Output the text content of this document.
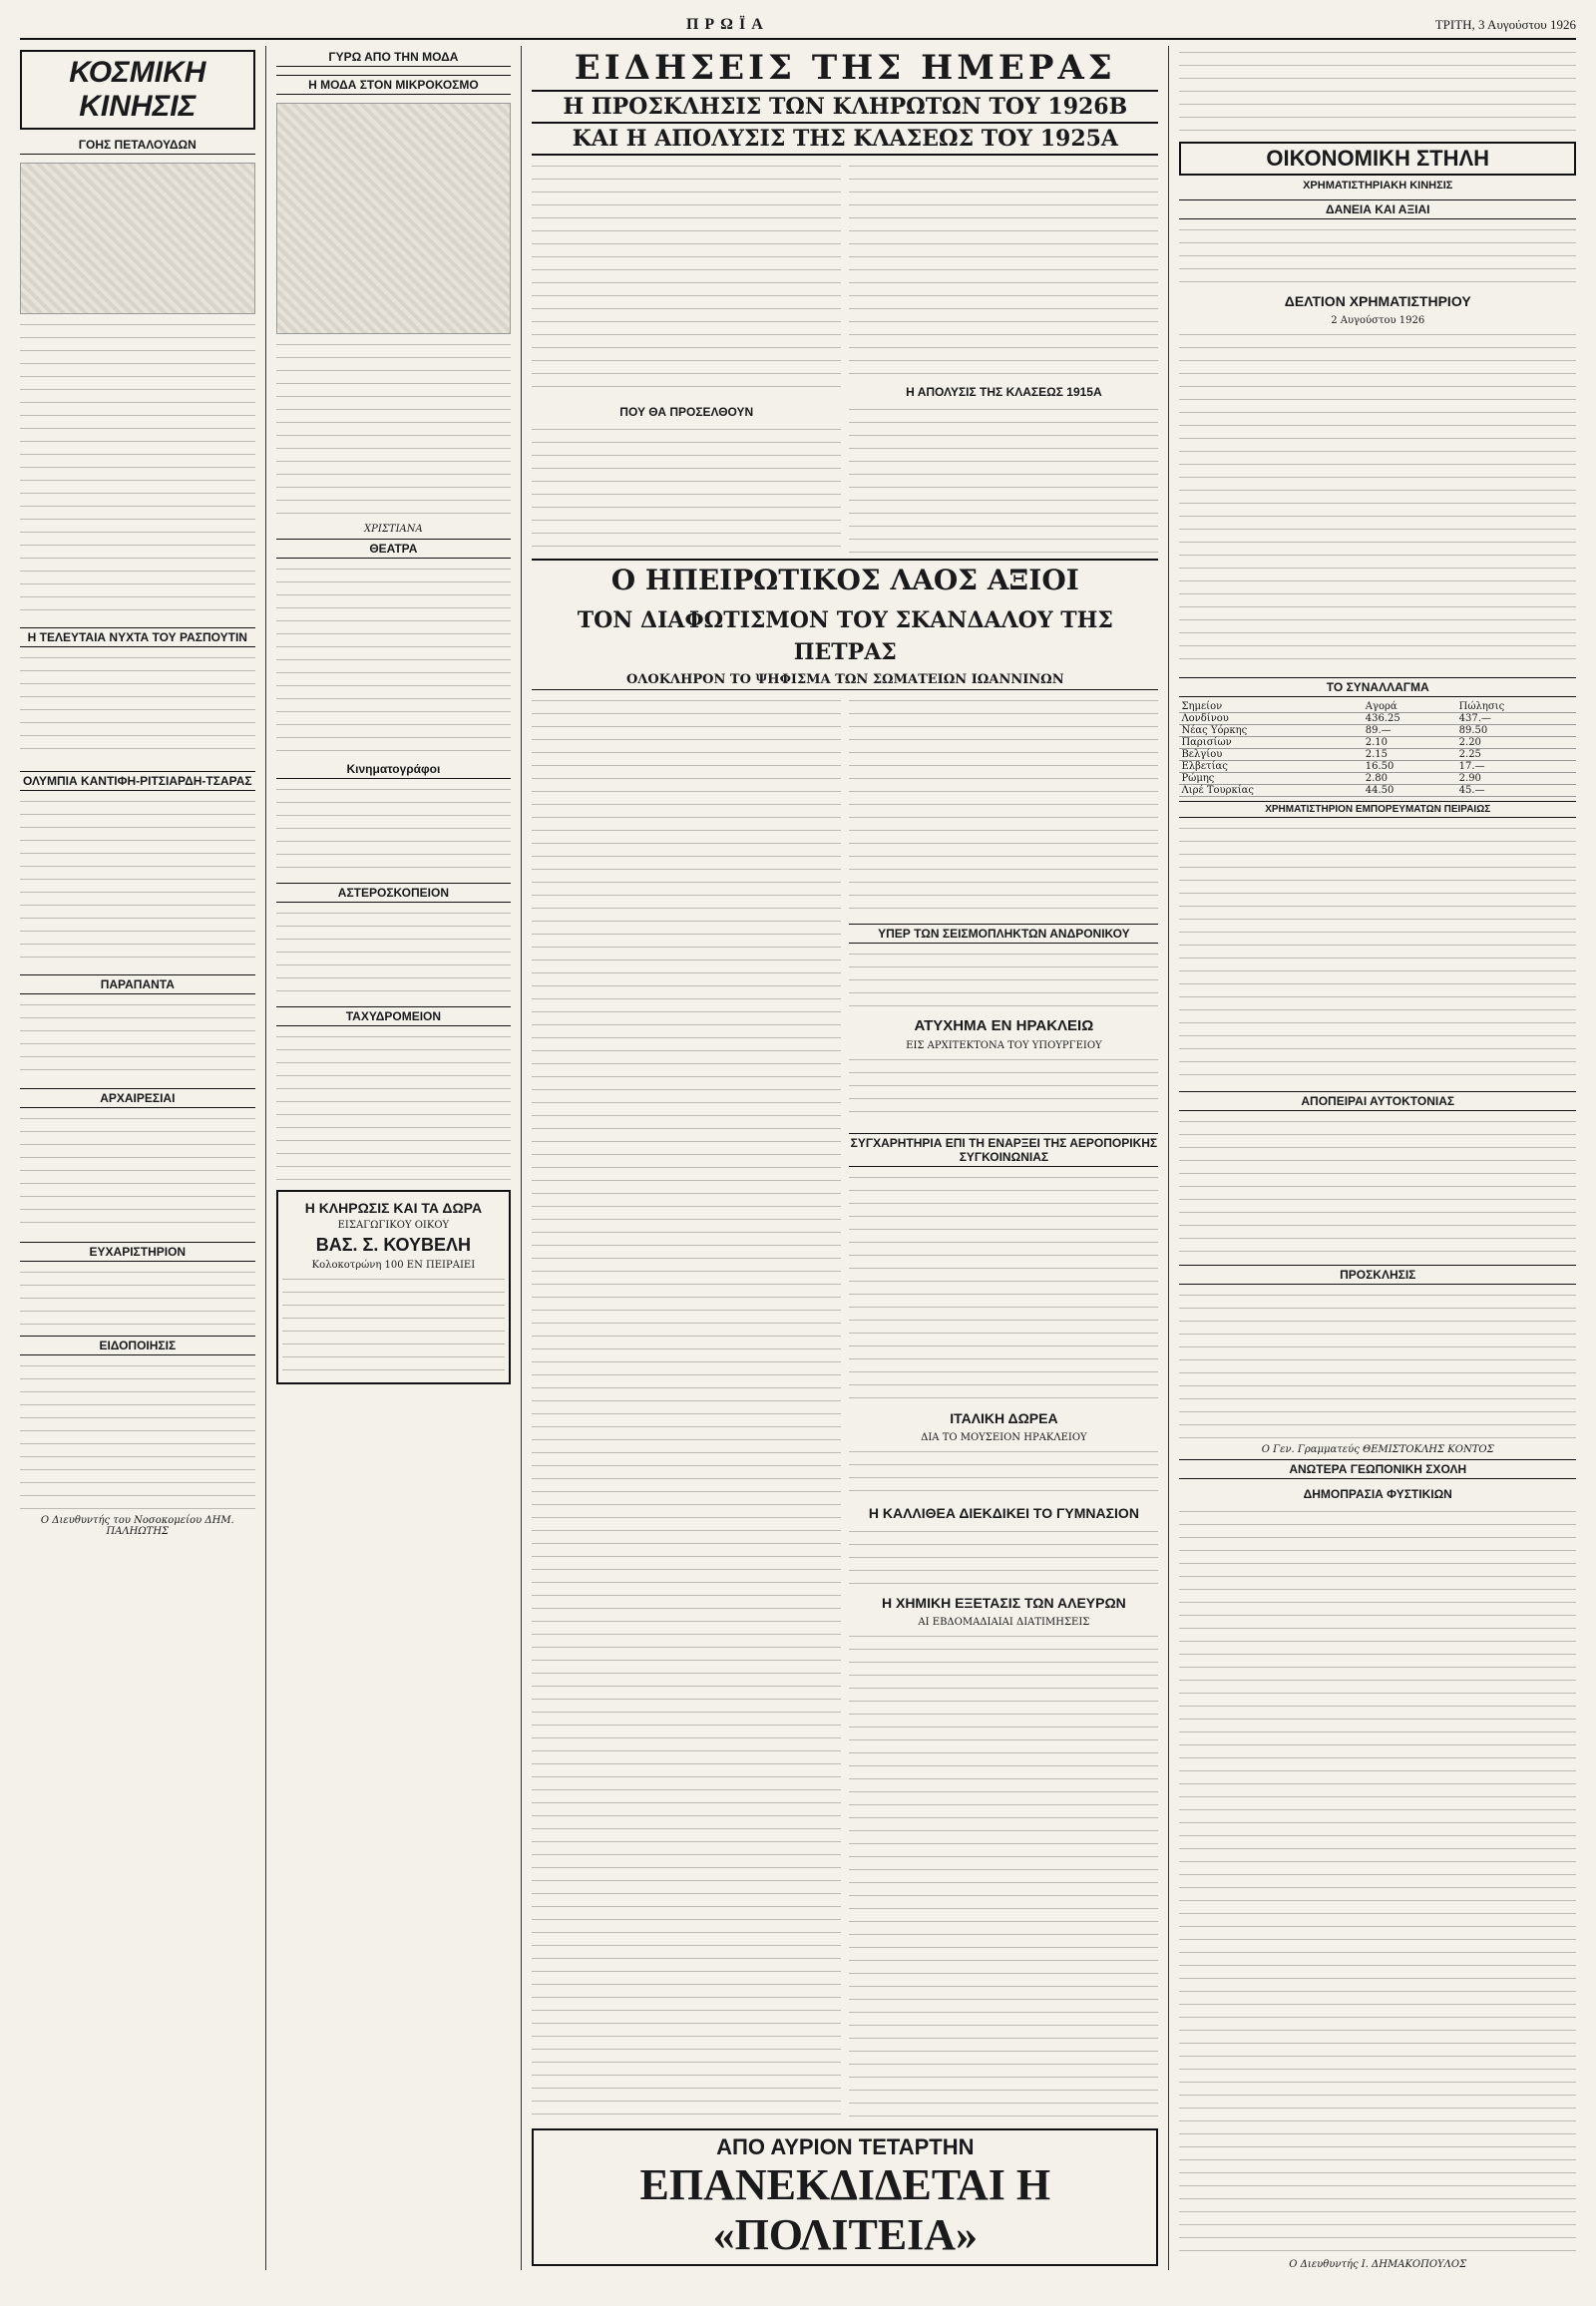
ΠΡΩΪΑ	ΤΡΙΤΗ, 3 Αυγούστου 1926
ΚΟΣΜΙΚΗ ΚΙΝΗΣΙΣ
ΓΟΗΣ ΠΕΤΑΛΟΥΔΩΝ
Η ΤΕΛΕΥΤΑΙΑ ΝΥΧΤΑ ΤΟΥ ΡΑΣΠΟΥΤΙΝ
ΟΛΥΜΠΙΑ ΚΑΝΤΙΦΗ-ΡΙΤΣΙΑΡΔΗ-ΤΣΑΡΑΣ
ΠΑΡΑΠΑΝΤΑ
ΑΡΧΑΙΡΕΣΙΑΙ
ΕΥΧΑΡΙΣΤΗΡΙΟΝ
ΕΙΔΟΠΟΙΗΣΙΣ
Ο Διευθυντής του Νοσοκομείου ΔΗΜ. ΠΑΛΗΩΤΗΣ
ΓΥΡΩ ΑΠΟ ΤΗΝ ΜΟΔΑ
Η ΜΟΔΑ ΣΤΟΝ ΜΙΚΡΟΚΟΣΜΟ
ΧΡΙΣΤΙΑΝΑ
ΘΕΑΤΡΑ
Κινηματογράφοι
ΑΣΤΕΡΟΣΚΟΠΕΙΟΝ
ΤΑΧΥΔΡΟΜΕΙΟΝ
Η ΚΛΗΡΩΣΙΣ ΚΑΙ ΤΑ ΔΩΡΑ
ΕΙΣΑΓΩΓΙΚΟΥ ΟΙΚΟΥ
ΒΑΣ. Σ. ΚΟΥΒΕΛΗ
Κολοκοτρώνη 100 ΕΝ ΠΕΙΡΑΙΕΙ
ΕΙΔΗΣΕΙΣ ΤΗΣ ΗΜΕΡΑΣ
Η ΠΡΟΣΚΛΗΣΙΣ ΤΩΝ ΚΛΗΡΩΤΩΝ ΤΟΥ 1926Β
ΚΑΙ Η ΑΠΟΛΥΣΙΣ ΤΗΣ ΚΛΑΣΕΩΣ ΤΟΥ 1925Α
ΠΟΥ ΘΑ ΠΡΟΣΕΛΘΟΥΝ
Η ΑΠΟΛΥΣΙΣ ΤΗΣ ΚΛΑΣΕΩΣ 1915Α
Ο ΗΠΕΙΡΩΤΙΚΟΣ ΛΑΟΣ ΑΞΙΟΙ
ΤΟΝ ΔΙΑΦΩΤΙΣΜΟΝ ΤΟΥ ΣΚΑΝΔΑΛΟΥ ΤΗΣ ΠΕΤΡΑΣ
ΟΛΟΚΛΗΡΟΝ ΤΟ ΨΗΦΙΣΜΑ ΤΩΝ ΣΩΜΑΤΕΙΩΝ ΙΩΑΝΝΙΝΩΝ
ΥΠΕΡ ΤΩΝ ΣΕΙΣΜΟΠΛΗΚΤΩΝ ΑΝΔΡΟΝΙΚΟΥ
ΑΤΥΧΗΜΑ ΕΝ ΗΡΑΚΛΕΙΩ
ΕΙΣ ΑΡΧΙΤΕΚΤΟΝΑ ΤΟΥ ΥΠΟΥΡΓΕΙΟΥ
ΣΥΓΧΑΡΗΤΗΡΙΑ ΕΠΙ ΤΗ ΕΝΑΡΞΕΙ ΤΗΣ ΑΕΡΟΠΟΡΙΚΗΣ ΣΥΓΚΟΙΝΩΝΙΑΣ
ΙΤΑΛΙΚΗ ΔΩΡΕΑ
ΔΙΑ ΤΟ ΜΟΥΣΕΙΟΝ ΗΡΑΚΛΕΙΟΥ
Η ΚΑΛΛΙΘΕΑ ΔΙΕΚΔΙΚΕΙ ΤΟ ΓΥΜΝΑΣΙΟΝ
Η ΧΗΜΙΚΗ ΕΞΕΤΑΣΙΣ ΤΩΝ ΑΛΕΥΡΩΝ
ΑΙ ΕΒΔΟΜΑΔΙΑΙΑΙ ΔΙΑΤΙΜΗΣΕΙΣ
ΑΠΟ ΑΥΡΙΟΝ ΤΕΤΑΡΤΗΝ
ΕΠΑΝΕΚΔΙΔΕΤΑΙ Η «ΠΟΛΙΤΕΙΑ»
ΟΙΚΟΝΟΜΙΚΗ ΣΤΗΛΗ
ΧΡΗΜΑΤΙΣΤΗΡΙΑΚΗ ΚΙΝΗΣΙΣ
ΔΑΝΕΙΑ ΚΑΙ ΑΞΙΑΙ
ΔΕΛΤΙΟΝ ΧΡΗΜΑΤΙΣΤΗΡΙΟΥ
2 Αυγούστου 1926
ΤΟ ΣΥΝΑΛΛΑΓΜΑ
Σημείον	Αγορά	Πώλησις
Λονδίνου	436.25	437.—
Νέας Υόρκης	89.—	89.50
Παρισίων	2.10	2.20
Βελγίου	2.15	2.25
Ελβετίας	16.50	17.—
Ρώμης	2.80	2.90
Λιρέ Τουρκίας	44.50	45.—
ΧΡΗΜΑΤΙΣΤΗΡΙΟΝ ΕΜΠΟΡΕΥΜΑΤΩΝ ΠΕΙΡΑΙΩΣ
ΑΠΟΠΕΙΡΑΙ ΑΥΤΟΚΤΟΝΙΑΣ
ΠΡΟΣΚΛΗΣΙΣ
Ο Γεν. Γραμματεύς ΘΕΜΙΣΤΟΚΛΗΣ ΚΟΝΤΟΣ
ΑΝΩΤΕΡΑ ΓΕΩΠΟΝΙΚΗ ΣΧΟΛΗ
ΔΗΜΟΠΡΑΣΙΑ ΦΥΣΤΙΚΙΩΝ
Ο Διευθυντής Ι. ΔΗΜΑΚΟΠΟΥΛΟΣ
